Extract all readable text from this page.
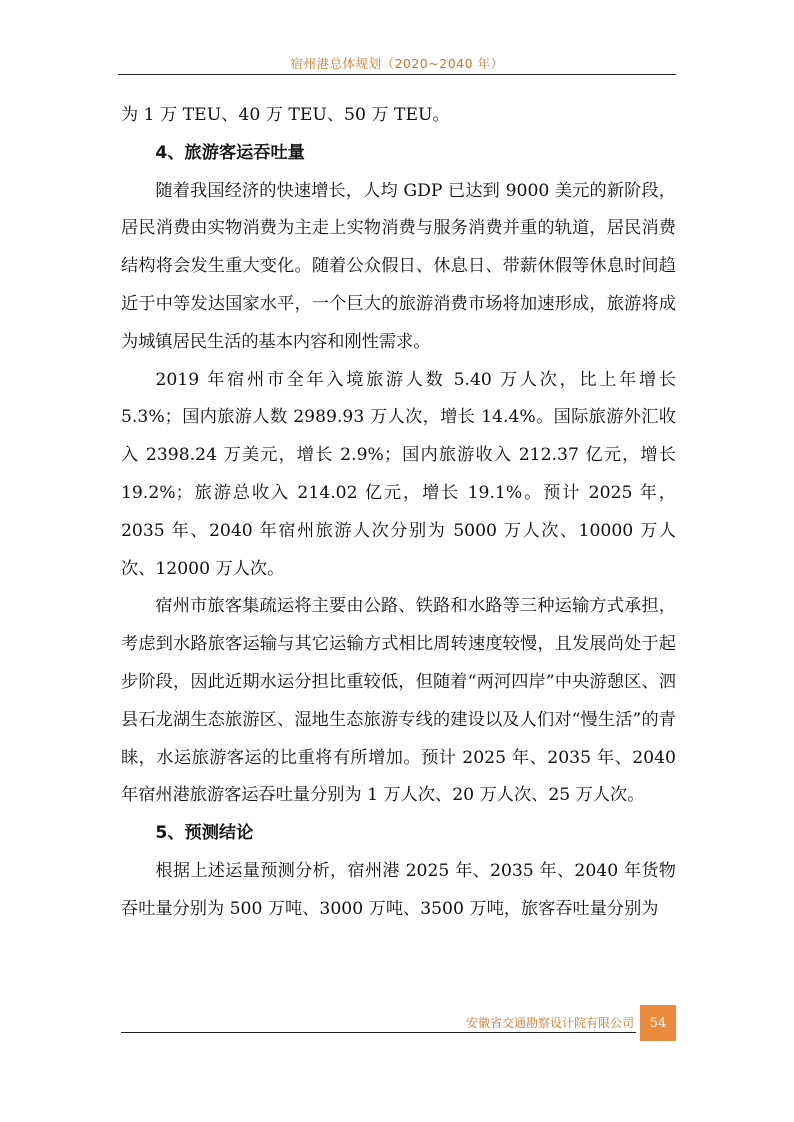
宿州港总体规划（2020~2040 年）

为 1 万 TEU、40 万 TEU、50 万 TEU。

4、旅游客运吞吐量

随着我国经济的快速增长，人均 GDP 已达到 9000 美元的新阶段，居民消费由实物消费为主走上实物消费与服务消费并重的轨道，居民消费结构将会发生重大变化。随着公众假日、休息日、带薪休假等休息时间趋近于中等发达国家水平，一个巨大的旅游消费市场将加速形成，旅游将成为城镇居民生活的基本内容和刚性需求。

2019 年宿州市全年入境旅游人数 5.40 万人次，比上年增长 5.3%；国内旅游人数 2989.93 万人次，增长 14.4%。国际旅游外汇收入 2398.24 万美元，增长 2.9%；国内旅游收入 212.37 亿元，增长 19.2%；旅游总收入 214.02 亿元，增长 19.1%。预计 2025 年，2035 年、2040 年宿州旅游人次分别为 5000 万人次、10000 万人次、12000 万人次。

宿州市旅客集疏运将主要由公路、铁路和水路等三种运输方式承担，考虑到水路旅客运输与其它运输方式相比周转速度较慢，且发展尚处于起步阶段，因此近期水运分担比重较低，但随着“两河四岸”中央游憩区、泗县石龙湖生态旅游区、湿地生态旅游专线的建设以及人们对“慢生活”的青睐，水运旅游客运的比重将有所增加。预计 2025 年、2035 年、2040 年宿州港旅游客运吞吐量分别为 1 万人次、20 万人次、25 万人次。

5、预测结论

根据上述运量预测分析，宿州港 2025 年、2035 年、2040 年货物吞吐量分别为 500 万吨、3000 万吨、3500 万吨，旅客吞吐量分别为

安徽省交通勘察设计院有限公司	54
